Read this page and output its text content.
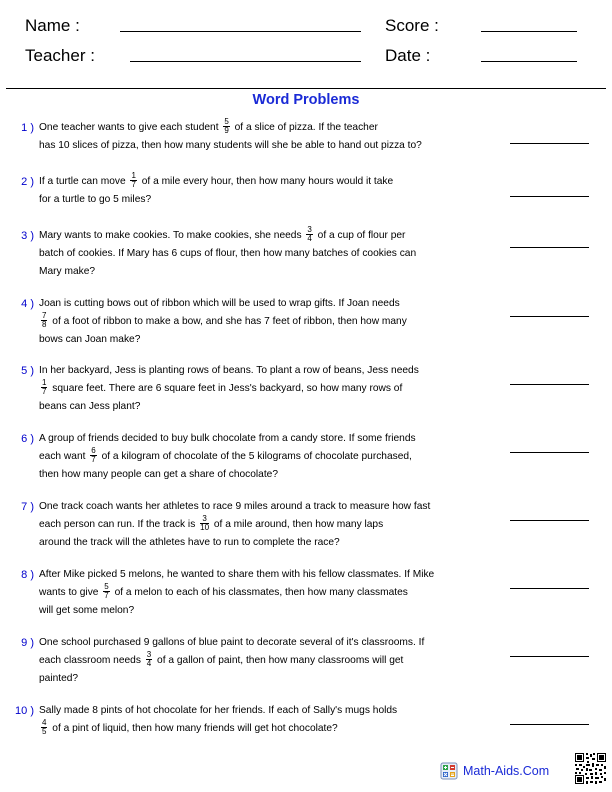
Name :	Score :
Teacher :	Date :
Word Problems
1 ) One teacher wants to give each student $\frac{5}{9}$ of a slice of pizza. If the teacher
has 10 slices of pizza, then how many students will she be able to hand out pizza to?
2 ) If a turtle can move $\frac{1}{7}$ of a mile every hour, then how many hours would it take
for a turtle to go 5 miles?
3 ) Mary wants to make cookies. To make cookies, she needs $\frac{3}{4}$ of a cup of flour per
batch of cookies. If Mary has 6 cups of flour, then how many batches of cookies can
Mary make?
4 ) Joan is cutting bows out of ribbon which will be used to wrap gifts. If Joan needs
$\frac{7}{8}$ of a foot of ribbon to make a bow, and she has 7 feet of ribbon, then how many
bows can Joan make?
5 ) In her backyard, Jess is planting rows of beans. To plant a row of beans, Jess needs
$\frac{1}{7}$ square feet. There are 6 square feet in Jess's backyard, so how many rows of
beans can Jess plant?
6 ) A group of friends decided to buy bulk chocolate from a candy store. If some friends
each want $\frac{6}{7}$ of a kilogram of chocolate of the 5 kilograms of chocolate purchased,
then how many people can get a share of chocolate?
7 ) One track coach wants her athletes to race 9 miles around a track to measure how fast
each person can run. If the track is $\frac{3}{10}$ of a mile around, then how many laps
around the track will the athletes have to run to complete the race?
8 ) After Mike picked 5 melons, he wanted to share them with his fellow classmates. If Mike
wants to give $\frac{5}{7}$ of a melon to each of his classmates, then how many classmates
will get some melon?
9 ) One school purchased 9 gallons of blue paint to decorate several of it's classrooms. If
each classroom needs $\frac{3}{4}$ of a gallon of paint, then how many classrooms will get
painted?
10 ) Sally made 8 pints of hot chocolate for her friends. If each of Sally's mugs holds
$\frac{4}{5}$ of a pint of liquid, then how many friends will get hot chocolate?
Math-Aids.Com
